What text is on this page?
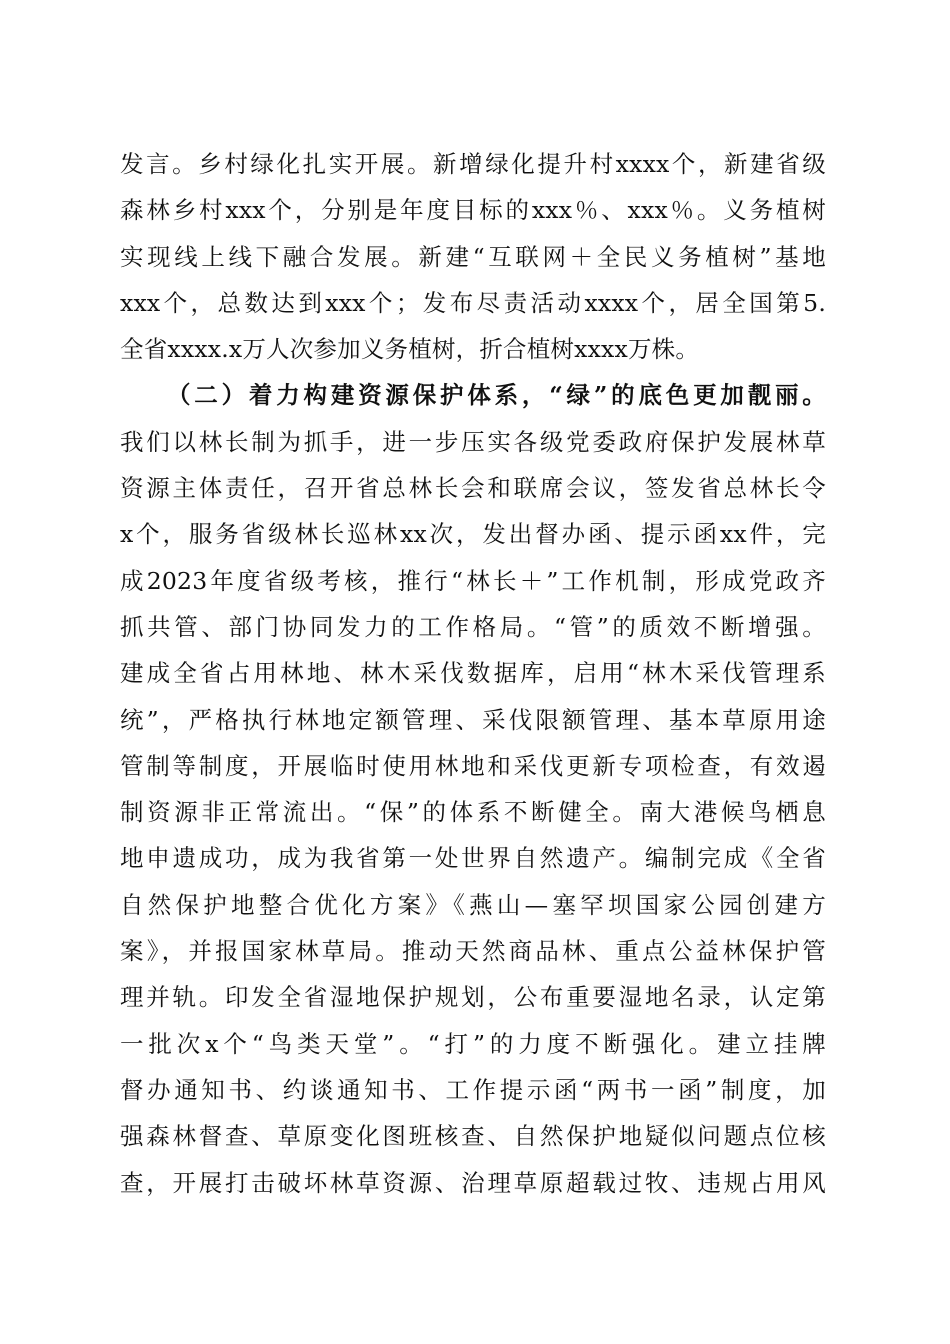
发言。乡村绿化扎实开展。新增绿化提升村xxxx个，新建省级
森林乡村xxx个，分别是年度目标的xxx％、xxx％。义务植树
实现线上线下融合发展。新建“互联网＋全民义务植树”基地
xxx个，总数达到xxx个；发布尽责活动xxxx个，居全国第5.
全省xxxx.x万人次参加义务植树，折合植树xxxx万株。
（二）着力构建资源保护体系，“绿”的底色更加靓丽。
我们以林长制为抓手，进一步压实各级党委政府保护发展林草
资源主体责任，召开省总林长会和联席会议，签发省总林长令
x个，服务省级林长巡林xx次，发出督办函、提示函xx件，完
成2023年度省级考核，推行“林长＋”工作机制，形成党政齐
抓共管、部门协同发力的工作格局。“管”的质效不断增强。
建成全省占用林地、林木采伐数据库，启用“林木采伐管理系
统”，严格执行林地定额管理、采伐限额管理、基本草原用途
管制等制度，开展临时使用林地和采伐更新专项检查，有效遏
制资源非正常流出。“保”的体系不断健全。南大港候鸟栖息
地申遗成功，成为我省第一处世界自然遗产。编制完成《全省
自然保护地整合优化方案》《燕山—塞罕坝国家公园创建方
案》，并报国家林草局。推动天然商品林、重点公益林保护管
理并轨。印发全省湿地保护规划，公布重要湿地名录，认定第
一批次x个“鸟类天堂”。“打”的力度不断强化。建立挂牌
督办通知书、约谈通知书、工作提示函“两书一函”制度，加
强森林督查、草原变化图班核查、自然保护地疑似问题点位核
查，开展打击破坏林草资源、治理草原超载过牧、违规占用风
